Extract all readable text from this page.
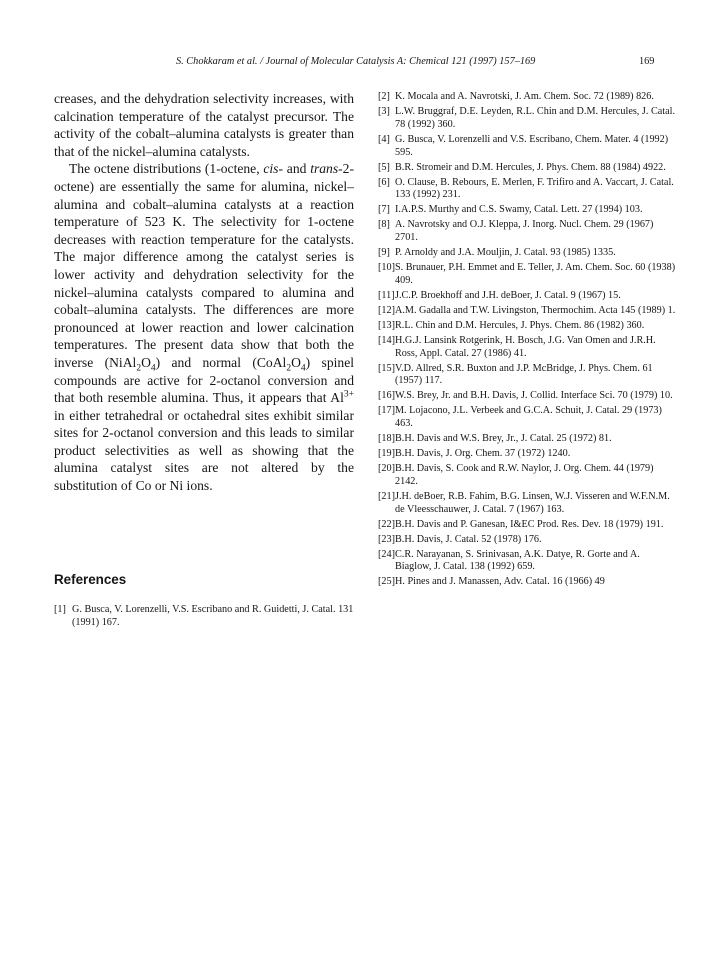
S. Chokkaram et al. / Journal of Molecular Catalysis A: Chemical 121 (1997) 157–169	169

creases, and the dehydration selectivity increases, with calcination temperature of the catalyst precursor. The activity of the cobalt–alumina catalysts is greater than that of the nickel–alumina catalysts.

The octene distributions (1-octene, cis- and trans-2-octene) are essentially the same for alumina, nickel–alumina and cobalt–alumina catalysts at a reaction temperature of 523 K. The selectivity for 1-octene decreases with reaction temperature for the catalysts. The major difference among the catalyst series is lower activity and dehydration selectivity for the nickel–alumina catalysts compared to alumina and cobalt–alumina catalysts. The differences are more pronounced at lower reaction and lower calcination temperatures. The present data show that both the inverse $(NiAl_2O_4)$ and normal $(CoAl_2O_4)$ spinel compounds are active for 2-octanol conversion and that both resemble alumina. Thus, it appears that $Al^{3+}$ in either tetrahedral or octahedral sites exhibit similar sites for 2-octanol conversion and this leads to similar product selectivities as well as showing that the alumina catalyst sites are not altered by the substitution of Co or Ni ions.

References
[1] G. Busca, V. Lorenzelli, V.S. Escribano and R. Guidetti, J. Catal. 131 (1991) 167.
[2] K. Mocala and A. Navrotski, J. Am. Chem. Soc. 72 (1989) 826.
[3] L.W. Bruggraf, D.E. Leyden, R.L. Chin and D.M. Hercules, J. Catal. 78 (1992) 360.
[4] G. Busca, V. Lorenzelli and V.S. Escribano, Chem. Mater. 4 (1992) 595.
[5] B.R. Stromeir and D.M. Hercules, J. Phys. Chem. 88 (1984) 4922.
[6] O. Clause, B. Rebours, E. Merlen, F. Trifiro and A. Vaccart, J. Catal. 133 (1992) 231.
[7] I.A.P.S. Murthy and C.S. Swamy, Catal. Lett. 27 (1994) 103.
[8] A. Navrotsky and O.J. Kleppa, J. Inorg. Nucl. Chem. 29 (1967) 2701.
[9] P. Arnoldy and J.A. Mouljin, J. Catal. 93 (1985) 1335.
[10] S. Brunauer, P.H. Emmet and E. Teller, J. Am. Chem. Soc. 60 (1938) 409.
[11] J.C.P. Broekhoff and J.H. deBoer, J. Catal. 9 (1967) 15.
[12] A.M. Gadalla and T.W. Livingston, Thermochim. Acta 145 (1989) 1.
[13] R.L. Chin and D.M. Hercules, J. Phys. Chem. 86 (1982) 360.
[14] H.G.J. Lansink Rotgerink, H. Bosch, J.G. Van Omen and J.R.H. Ross, Appl. Catal. 27 (1986) 41.
[15] V.D. Allred, S.R. Buxton and J.P. McBridge, J. Phys. Chem. 61 (1957) 117.
[16] W.S. Brey, Jr. and B.H. Davis, J. Collid. Interface Sci. 70 (1979) 10.
[17] M. Lojacono, J.L. Verbeek and G.C.A. Schuit, J. Catal. 29 (1973) 463.
[18] B.H. Davis and W.S. Brey, Jr., J. Catal. 25 (1972) 81.
[19] B.H. Davis, J. Org. Chem. 37 (1972) 1240.
[20] B.H. Davis, S. Cook and R.W. Naylor, J. Org. Chem. 44 (1979) 2142.
[21] J.H. deBoer, R.B. Fahim, B.G. Linsen, W.J. Visseren and W.F.N.M. de Vleesschauwer, J. Catal. 7 (1967) 163.
[22] B.H. Davis and P. Ganesan, I&EC Prod. Res. Dev. 18 (1979) 191.
[23] B.H. Davis, J. Catal. 52 (1978) 176.
[24] C.R. Narayanan, S. Srinivasan, A.K. Datye, R. Gorte and A. Biaglow, J. Catal. 138 (1992) 659.
[25] H. Pines and J. Manassen, Adv. Catal. 16 (1966) 49
